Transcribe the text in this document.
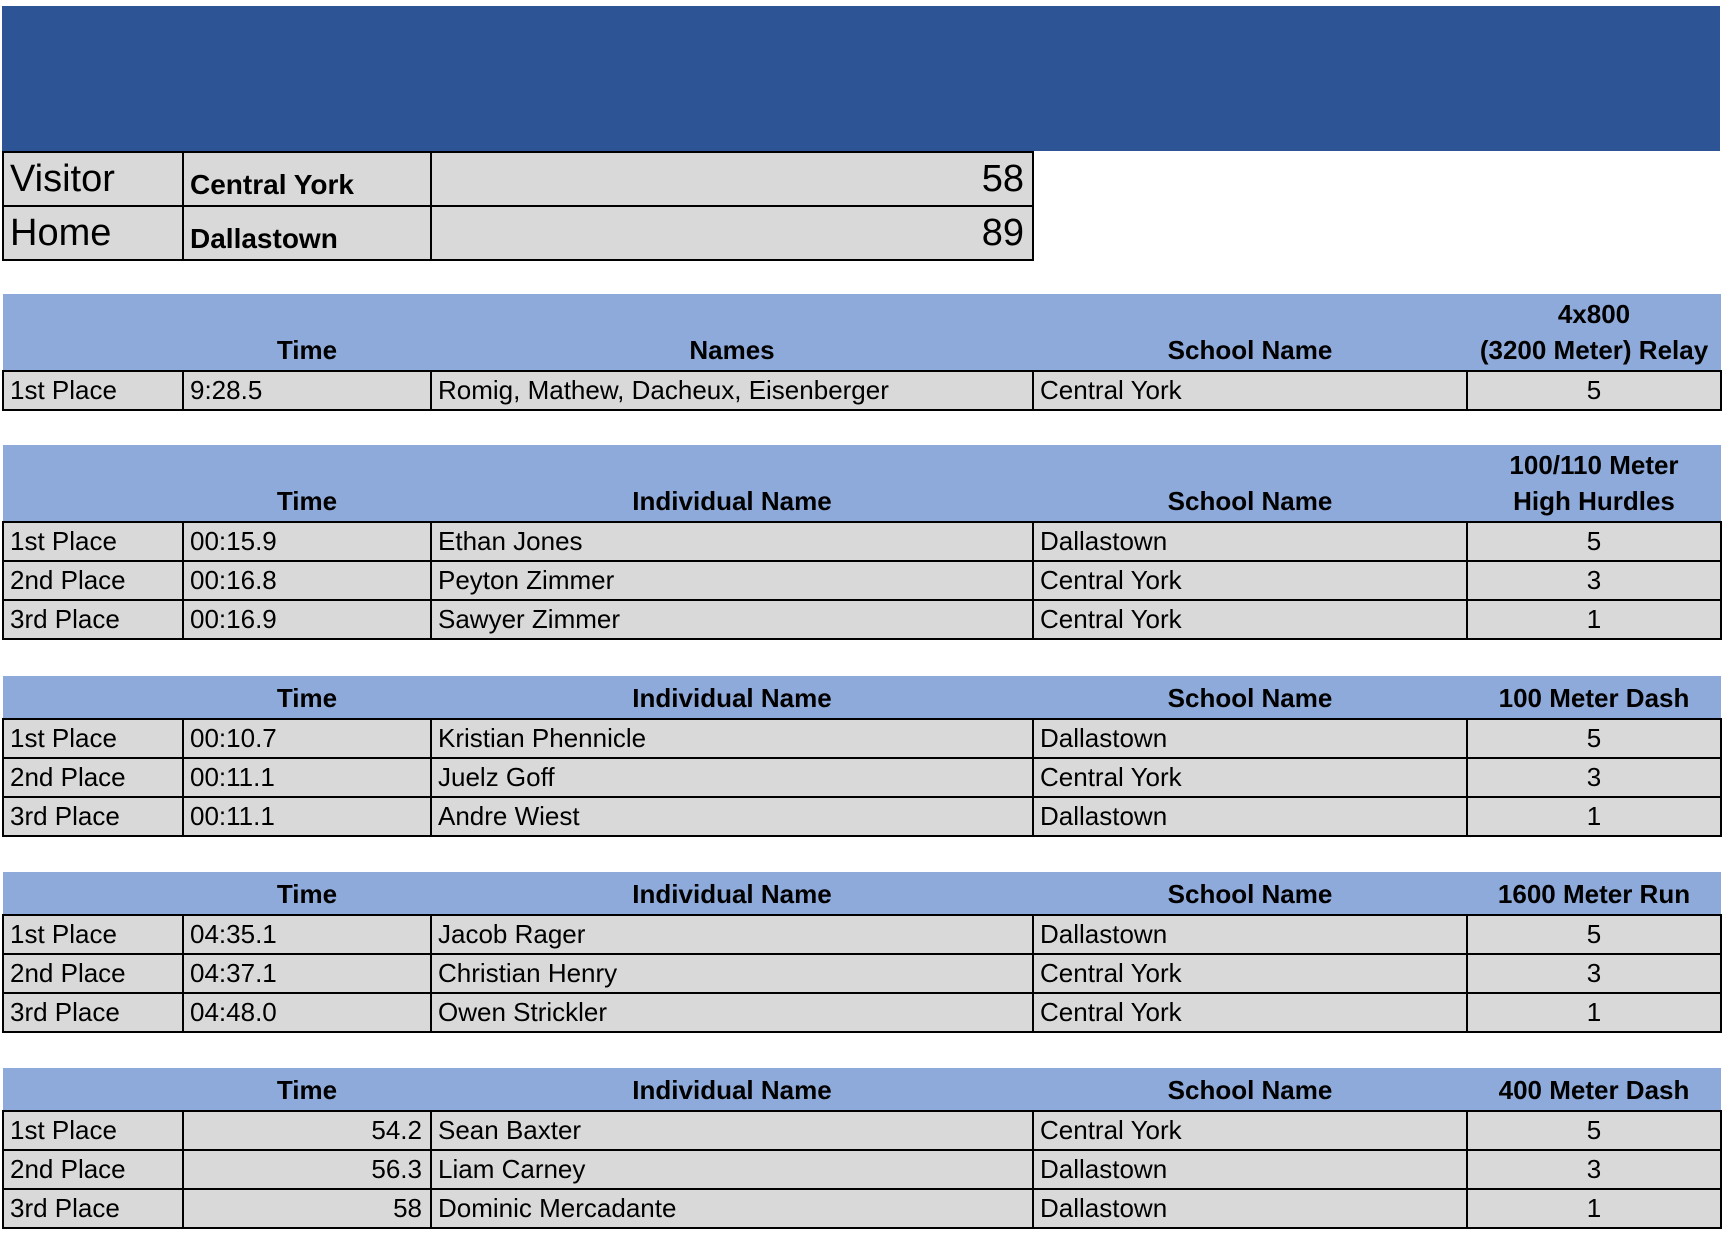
Visitor	Central York	58
Home	Dallastown	89
	Time	Names	School Name	4x800
(3200 Meter) Relay
1st Place	9:28.5	Romig, Mathew, Dacheux, Eisenberger	Central York	5
	Time	Individual Name	School Name	100/110 Meter
High Hurdles
1st Place	00:15.9	Ethan Jones	Dallastown	5
2nd Place	00:16.8	Peyton Zimmer	Central York	3
3rd Place	00:16.9	Sawyer Zimmer	Central York	1
	Time	Individual Name	School Name	100 Meter Dash
1st Place	00:10.7	Kristian Phennicle	Dallastown	5
2nd Place	00:11.1	Juelz Goff	Central York	3
3rd Place	00:11.1	Andre Wiest	Dallastown	1
	Time	Individual Name	School Name	1600 Meter Run
1st Place	04:35.1	Jacob Rager	Dallastown	5
2nd Place	04:37.1	Christian Henry	Central York	3
3rd Place	04:48.0	Owen Strickler	Central York	1
	Time	Individual Name	School Name	400 Meter Dash
1st Place	54.2	Sean Baxter	Central York	5
2nd Place	56.3	Liam Carney	Dallastown	3
3rd Place	58	Dominic Mercadante	Dallastown	1
